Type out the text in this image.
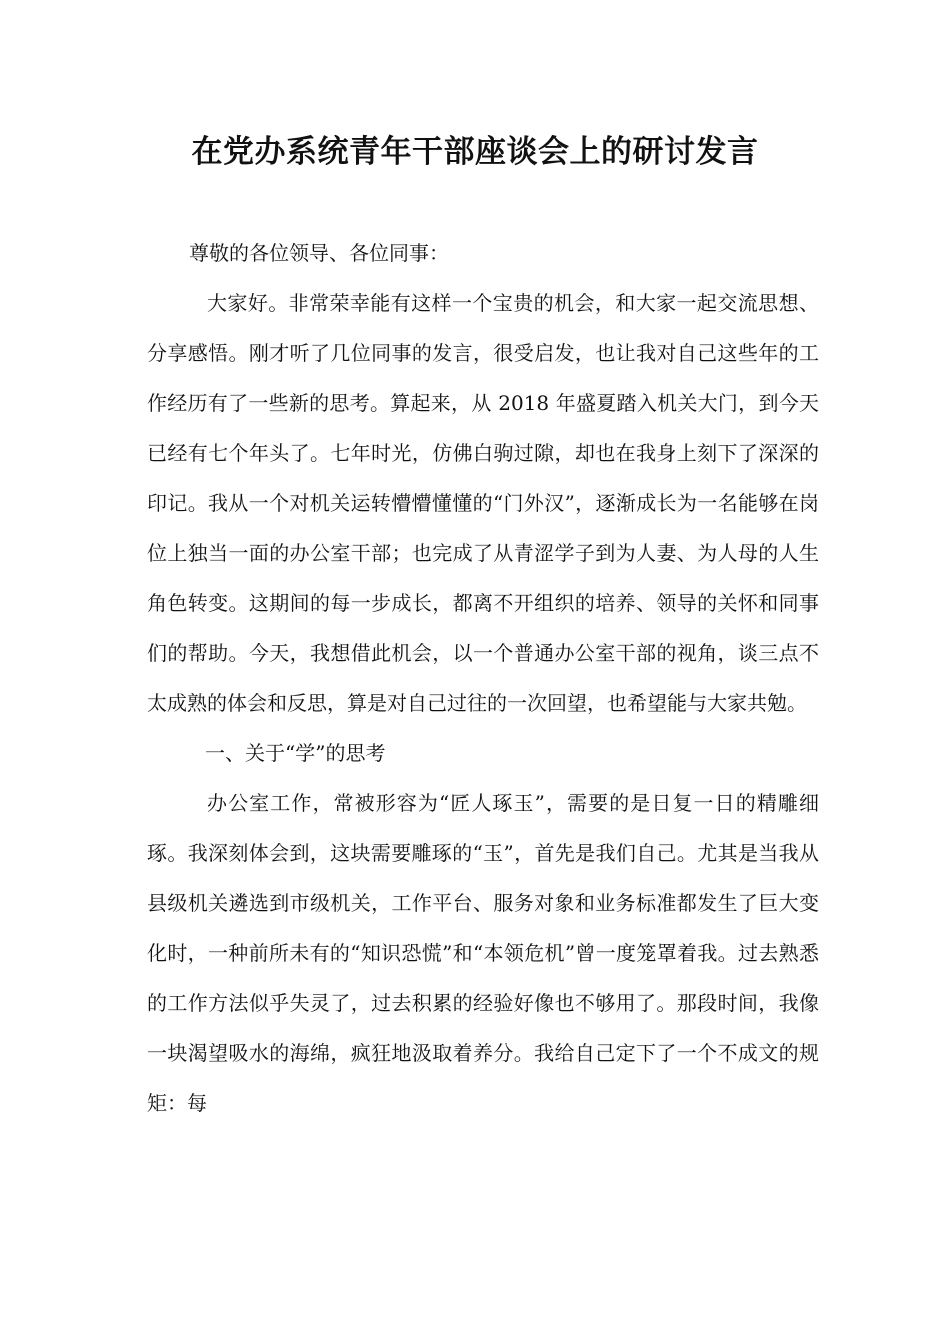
在党办系统青年干部座谈会上的研讨发言

尊敬的各位领导、各位同事：

大家好。非常荣幸能有这样一个宝贵的机会，和大家一起交流思想、分享感悟。刚才听了几位同事的发言，很受启发，也让我对自己这些年的工作经历有了一些新的思考。算起来，从 2018 年盛夏踏入机关大门，到今天已经有七个年头了。七年时光，仿佛白驹过隙，却也在我身上刻下了深深的印记。我从一个对机关运转懵懵懂懂的“门外汉”，逐渐成长为一名能够在岗位上独当一面的办公室干部；也完成了从青涩学子到为人妻、为人母的人生角色转变。这期间的每一步成长，都离不开组织的培养、领导的关怀和同事们的帮助。今天，我想借此机会，以一个普通办公室干部的视角，谈三点不太成熟的体会和反思，算是对自己过往的一次回望，也希望能与大家共勉。

一、关于“学”的思考

办公室工作，常被形容为“匠人琢玉”，需要的是日复一日的精雕细琢。我深刻体会到，这块需要雕琢的“玉”，首先是我们自己。尤其是当我从县级机关遴选到市级机关，工作平台、服务对象和业务标准都发生了巨大变化时，一种前所未有的“知识恐慌”和“本领危机”曾一度笼罩着我。过去熟悉的工作方法似乎失灵了，过去积累的经验好像也不够用了。那段时间，我像一块渴望吸水的海绵，疯狂地汲取着养分。我给自己定下了一个不成文的规矩：每
